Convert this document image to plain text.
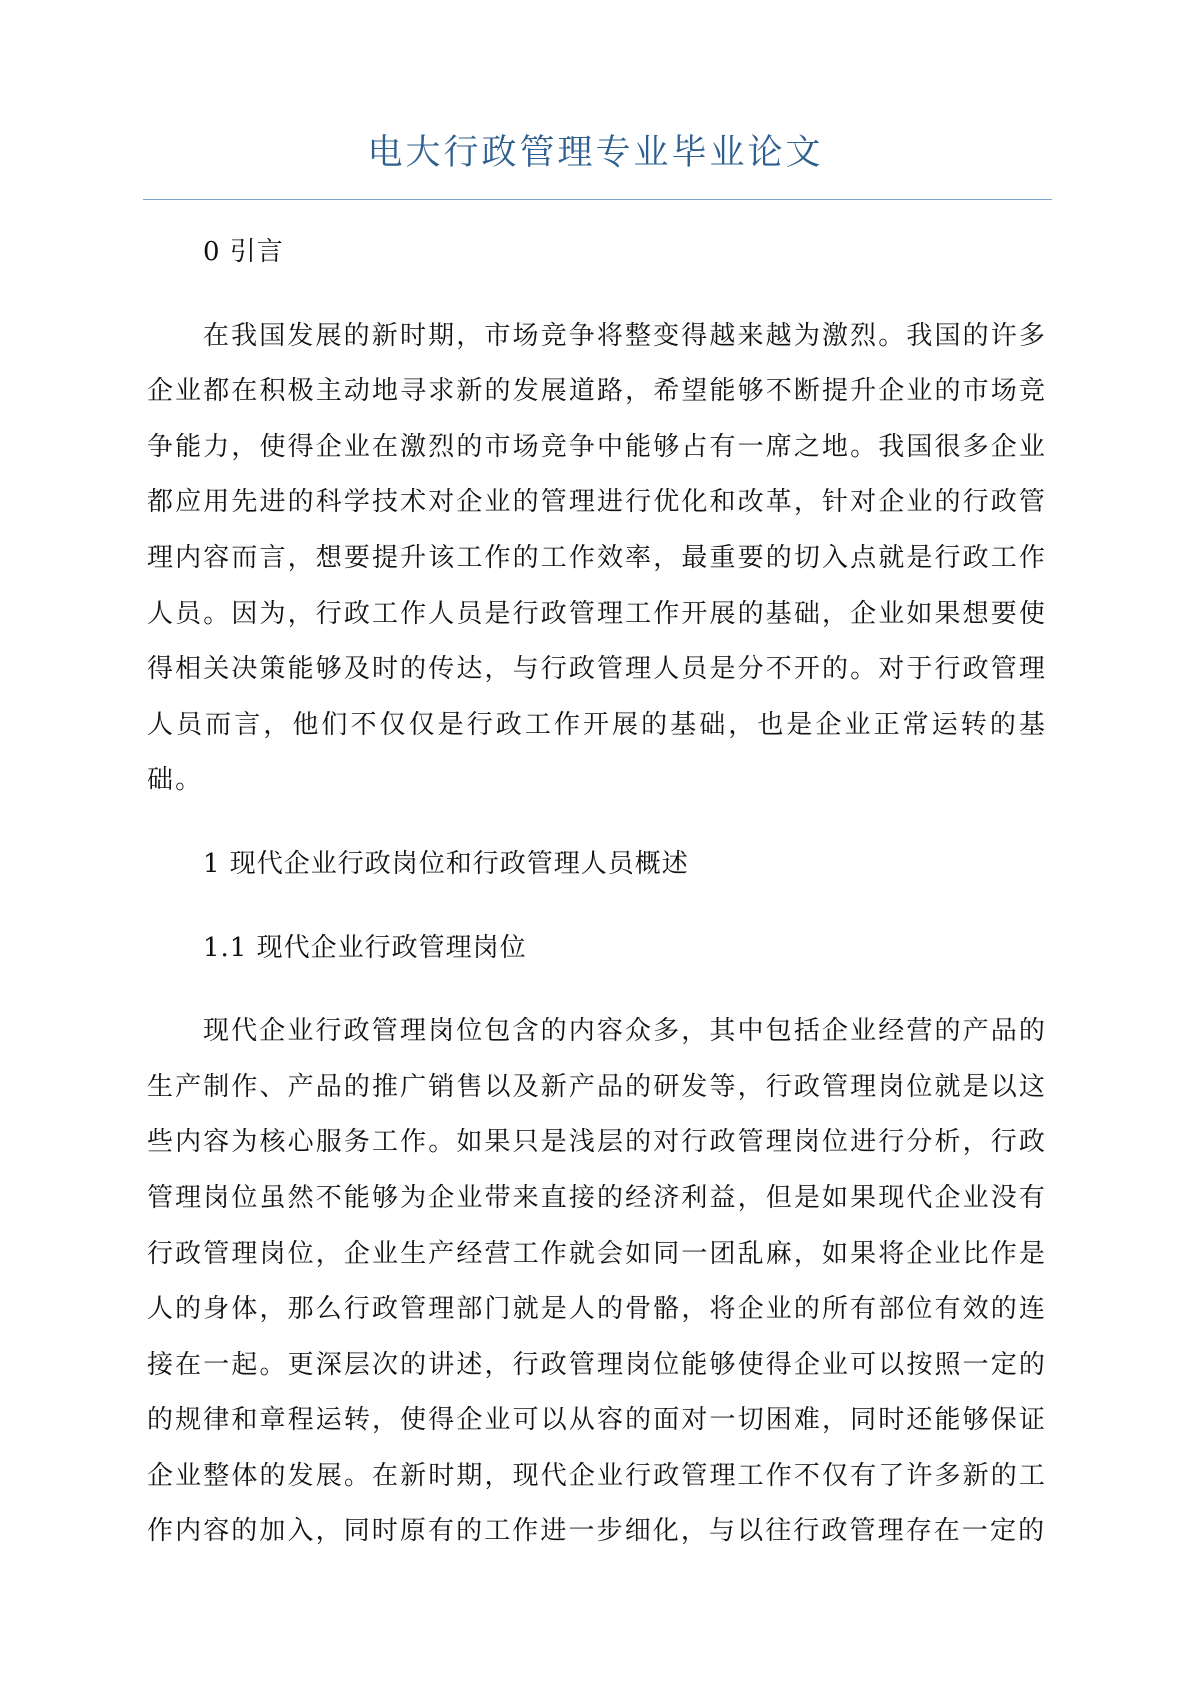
电大行政管理专业毕业论文
0 引言

在我国发展的新时期，市场竞争将整变得越来越为激烈。我国的许多企业都在积极主动地寻求新的发展道路，希望能够不断提升企业的市场竞争能力，使得企业在激烈的市场竞争中能够占有一席之地。我国很多企业都应用先进的科学技术对企业的管理进行优化和改革，针对企业的行政管理内容而言，想要提升该工作的工作效率，最重要的切入点就是行政工作人员。因为，行政工作人员是行政管理工作开展的基础，企业如果想要使得相关决策能够及时的传达，与行政管理人员是分不开的。对于行政管理人员而言，他们不仅仅是行政工作开展的基础，也是企业正常运转的基础。

1 现代企业行政岗位和行政管理人员概述
1.1 现代企业行政管理岗位

现代企业行政管理岗位包含的内容众多，其中包括企业经营的产品的生产制作、产品的推广销售以及新产品的研发等，行政管理岗位就是以这些内容为核心服务工作。如果只是浅层的对行政管理岗位进行分析，行政管理岗位虽然不能够为企业带来直接的经济利益，但是如果现代企业没有行政管理岗位，企业生产经营工作就会如同一团乱麻，如果将企业比作是人的身体，那么行政管理部门就是人的骨骼，将企业的所有部位有效的连接在一起。更深层次的讲述，行政管理岗位能够使得企业可以按照一定的的规律和章程运转，使得企业可以从容的面对一切困难，同时还能够保证企业整体的发展。在新时期，现代企业行政管理工作不仅有了许多新的工作内容的加入，同时原有的工作进一步细化，与以往行政管理存在一定的
